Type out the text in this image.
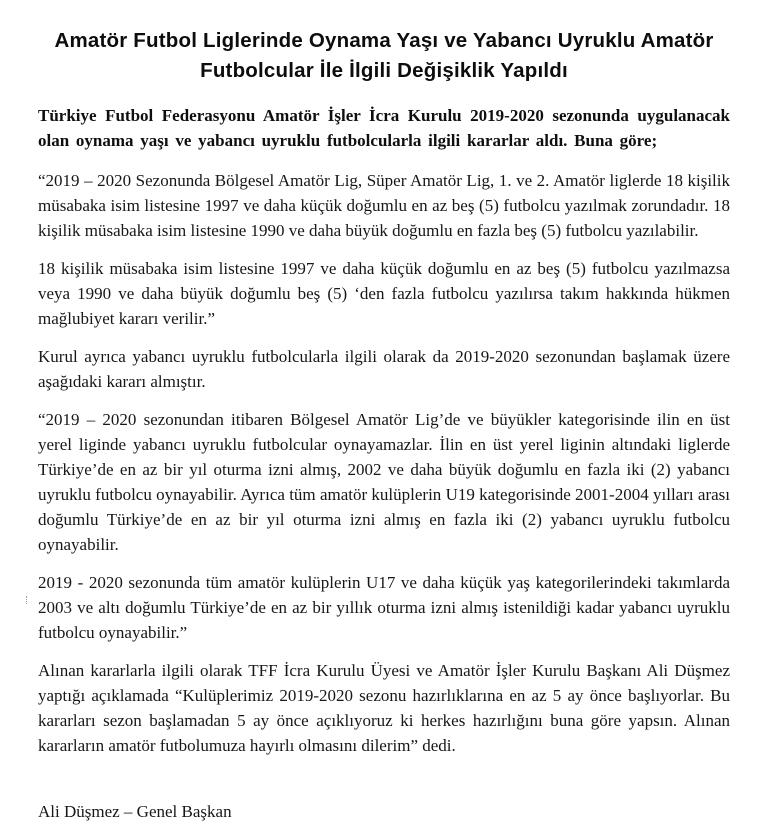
Amatör Futbol Liglerinde Oynama Yaşı ve Yabancı Uyruklu Amatör
Futbolcular İle İlgili Değişiklik Yapıldı

Türkiye Futbol Federasyonu Amatör İşler İcra Kurulu 2019-2020 sezonunda uygulanacak olan oynama yaşı ve yabancı uyruklu futbolcularla ilgili kararlar aldı. Buna göre;

“2019 – 2020 Sezonunda Bölgesel Amatör Lig, Süper Amatör Lig, 1. ve 2. Amatör liglerde 18 kişilik müsabaka isim listesine 1997 ve daha küçük doğumlu en az beş (5) futbolcu yazılmak zorundadır. 18 kişilik müsabaka isim listesine 1990 ve daha büyük doğumlu en fazla beş (5) futbolcu yazılabilir.

18 kişilik müsabaka isim listesine 1997 ve daha küçük doğumlu en az beş (5) futbolcu yazılmazsa veya 1990 ve daha büyük doğumlu beş (5) ‘den fazla futbolcu yazılırsa takım hakkında hükmen mağlubiyet kararı verilir.”

Kurul ayrıca yabancı uyruklu futbolcularla ilgili olarak da 2019-2020 sezonundan başlamak üzere aşağıdaki kararı almıştır.

“2019 – 2020 sezonundan itibaren Bölgesel Amatör Lig’de ve büyükler kategorisinde ilin en üst yerel liginde yabancı uyruklu futbolcular oynayamazlar. İlin en üst yerel liginin altındaki liglerde Türkiye’de en az bir yıl oturma izni almış, 2002 ve daha büyük doğumlu en fazla iki (2) yabancı uyruklu futbolcu oynayabilir. Ayrıca tüm amatör kulüplerin U19 kategorisinde 2001-2004 yılları arası doğumlu Türkiye’de en az bir yıl oturma izni almış en fazla iki (2) yabancı uyruklu futbolcu oynayabilir.

2019 - 2020 sezonunda tüm amatör kulüplerin U17 ve daha küçük yaş kategorilerindeki takımlarda 2003 ve altı doğumlu Türkiye’de en az bir yıllık oturma izni almış istenildiği kadar yabancı uyruklu futbolcu oynayabilir.”

Alınan kararlarla ilgili olarak TFF İcra Kurulu Üyesi ve Amatör İşler Kurulu Başkanı Ali Düşmez yaptığı açıklamada “Kulüplerimiz 2019-2020 sezonu hazırlıklarına en az 5 ay önce başlıyorlar. Bu kararları sezon başlamadan 5 ay önce açıklıyoruz ki herkes hazırlığını buna göre yapsın. Alınan kararların amatör futbolumuza hayırlı olmasını dilerim” dedi.

Ali Düşmez – Genel Başkan
